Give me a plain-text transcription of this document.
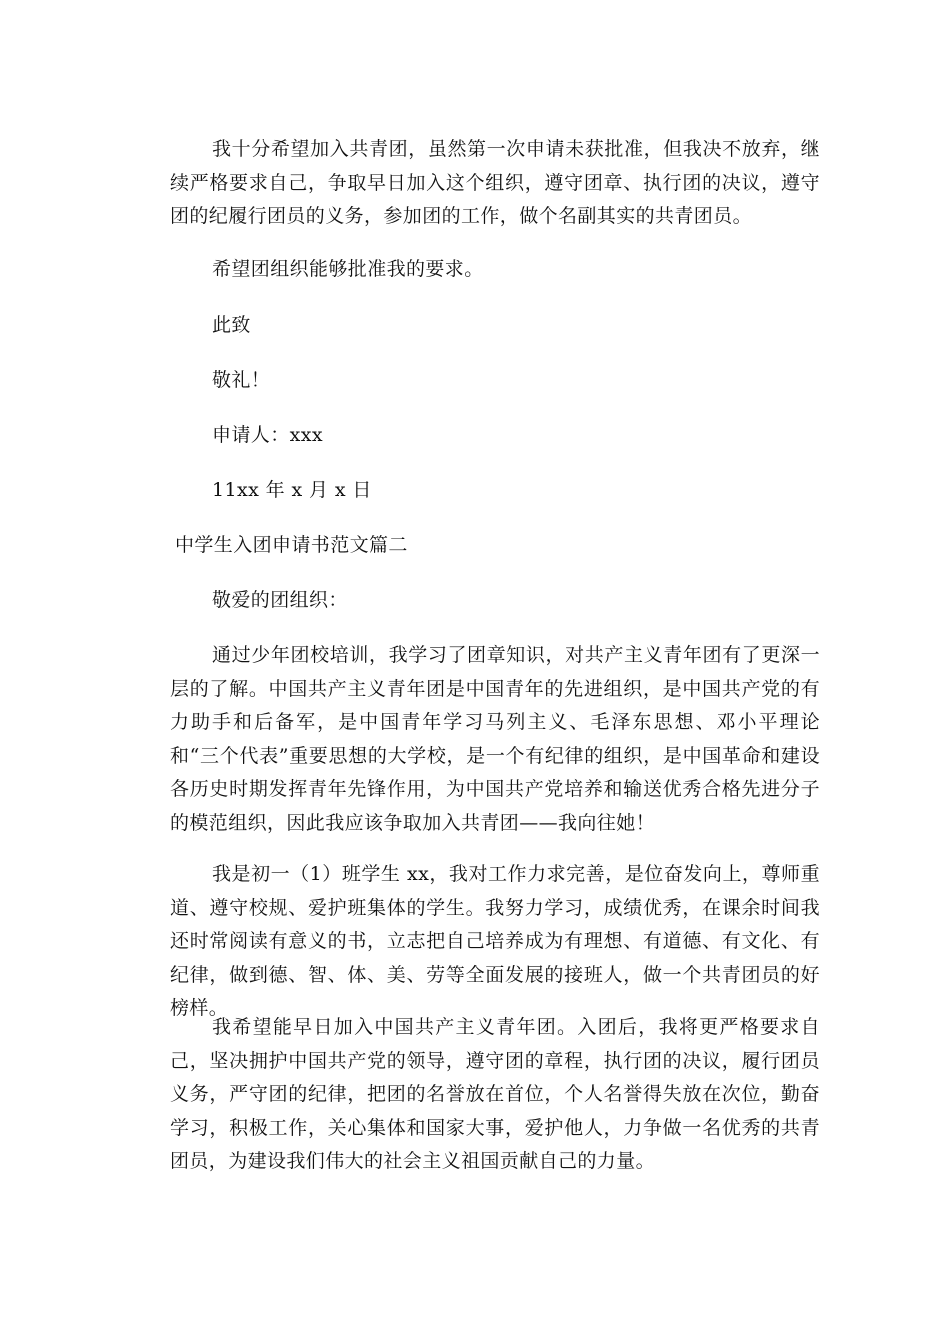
我十分希望加入共青团，虽然第一次申请未获批准，但我决不放弃，继续严格要求自己，争取早日加入这个组织，遵守团章、执行团的决议，遵守团的纪履行团员的义务，参加团的工作，做个名副其实的共青团员。

希望团组织能够批准我的要求。

此致

敬礼！

申请人：xxx

11xx 年 x 月 x 日

中学生入团申请书范文篇二

敬爱的团组织：

通过少年团校培训，我学习了团章知识，对共产主义青年团有了更深一层的了解。中国共产主义青年团是中国青年的先进组织，是中国共产党的有力助手和后备军，是中国青年学习马列主义、毛泽东思想、邓小平理论和“三个代表”重要思想的大学校，是一个有纪律的组织，是中国革命和建设各历史时期发挥青年先锋作用，为中国共产党培养和输送优秀合格先进分子的模范组织，因此我应该争取加入共青团——我向往她！

我是初一（1）班学生 xx，我对工作力求完善，是位奋发向上，尊师重道、遵守校规、爱护班集体的学生。我努力学习，成绩优秀，在课余时间我还时常阅读有意义的书，立志把自己培养成为有理想、有道德、有文化、有纪律，做到德、智、体、美、劳等全面发展的接班人，做一个共青团员的好榜样。

我希望能早日加入中国共产主义青年团。入团后，我将更严格要求自己，坚决拥护中国共产党的领导，遵守团的章程，执行团的决议，履行团员义务，严守团的纪律，把团的名誉放在首位，个人名誉得失放在次位，勤奋学习，积极工作，关心集体和国家大事，爱护他人，力争做一名优秀的共青团员，为建设我们伟大的社会主义祖国贡献自己的力量。
